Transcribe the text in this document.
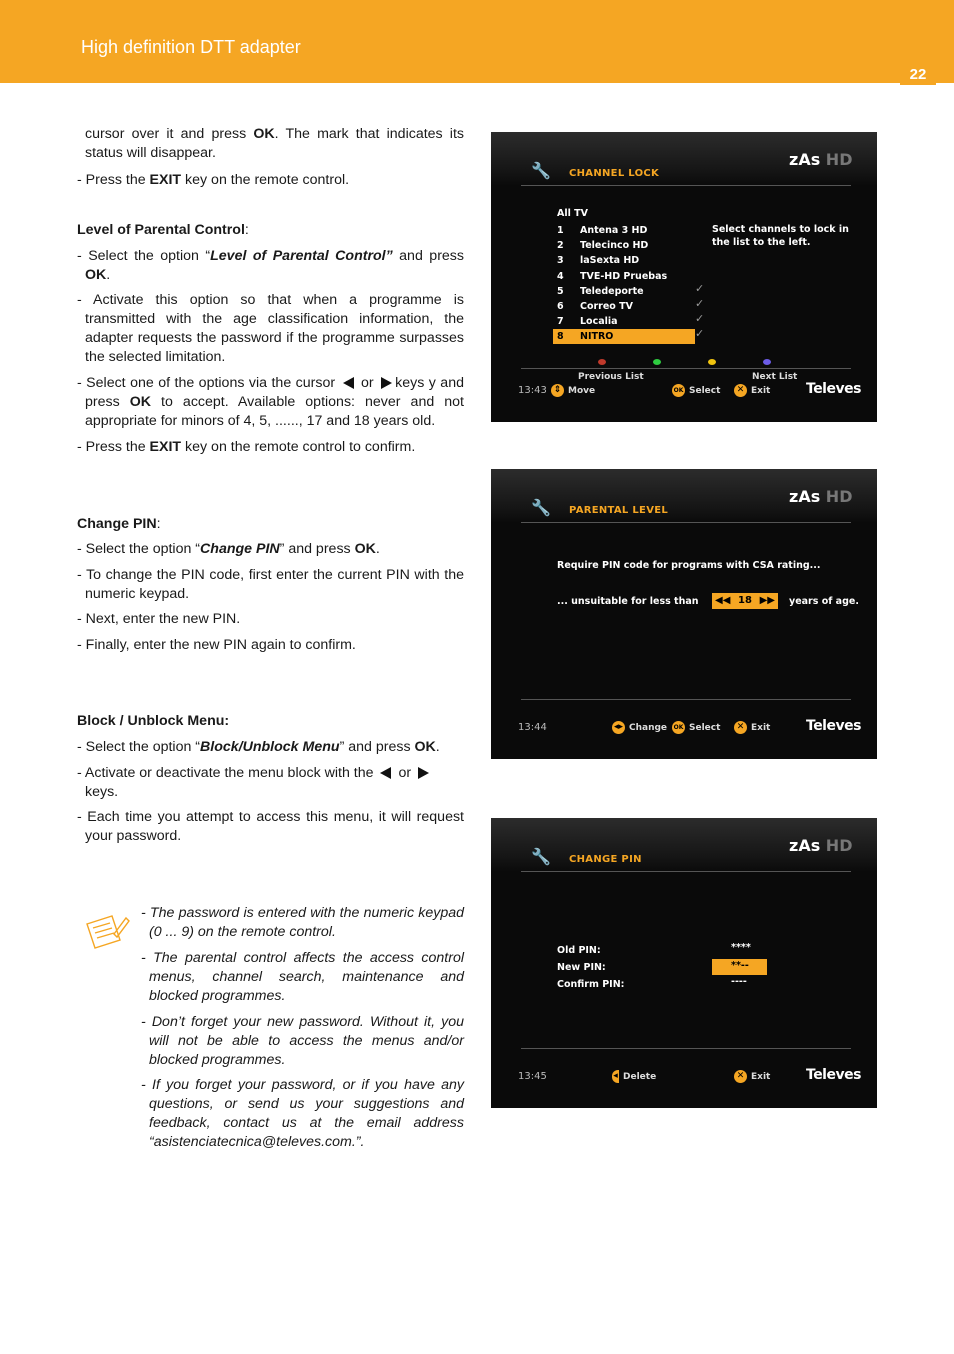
High definition DTT adapter
22
cursor over it and press OK. The mark that indicates its status will disappear.
- Press the EXIT key on the remote control.
Level of Parental Control:
- Select the option “Level of Parental Control” and press OK.
- Activate this option so that when a programme is transmitted with the age classification information, the adapter requests the password if the programme surpasses the selected limitation.
- Select one of the options via the cursor or keys y and press OK to accept. Available options: never and not appropriate for minors of 4, 5, ......, 17 and 18 years old.
- Press the EXIT key on the remote control to confirm.
Change PIN:
- Select the option “Change PIN” and press OK.
- To change the PIN code, first enter the current PIN with the numeric keypad.
- Next, enter the new PIN.
- Finally, enter the new PIN again to confirm.
Block / Unblock Menu:
- Select the option “Block/Unblock Menu” and press OK.
- Activate or deactivate the menu block with the or
keys.
- Each time you attempt to access this menu, it will request your password.
- The password is entered with the numeric keypad (0 ... 9) on the remote control.
- The parental control affects the access control menus, channel search, maintenance and blocked programmes.
- Don’t forget your new password. Without it, you will not be able to access the menus and/or blocked programmes.
- If you forget your password, or if you have any questions, or send us your suggestions and feedback, contact us at the email address “asistenciatecnica@televes.com.”.
🔧 CHANNEL LOCK
zAs HD
All TV
1 Antena 3 HD
2 Telecinco HD
3 laSexta HD
4 TVE-HD Pruebas
5 Teledeporte	✓
6 Correo TV	✓
7 Localia	✓
8 NITRO	✓
Select channels to lock in the list to the left.
Previous List	Next List
13:43 ⇕ Move	OK Select	✕ Exit	Televes
🔧 PARENTAL LEVEL
zAs HD
Require PIN code for programs with CSA rating...
... unsuitable for less than ◀◀ 18 ▶▶ years of age.
13:44	◂▸ Change OK Select	✕ Exit	Televes
🔧 CHANGE PIN
zAs HD
Old PIN:	****
New PIN:	**--
Confirm PIN:	----
13:45	◂ Delete	✕ Exit	Televes
